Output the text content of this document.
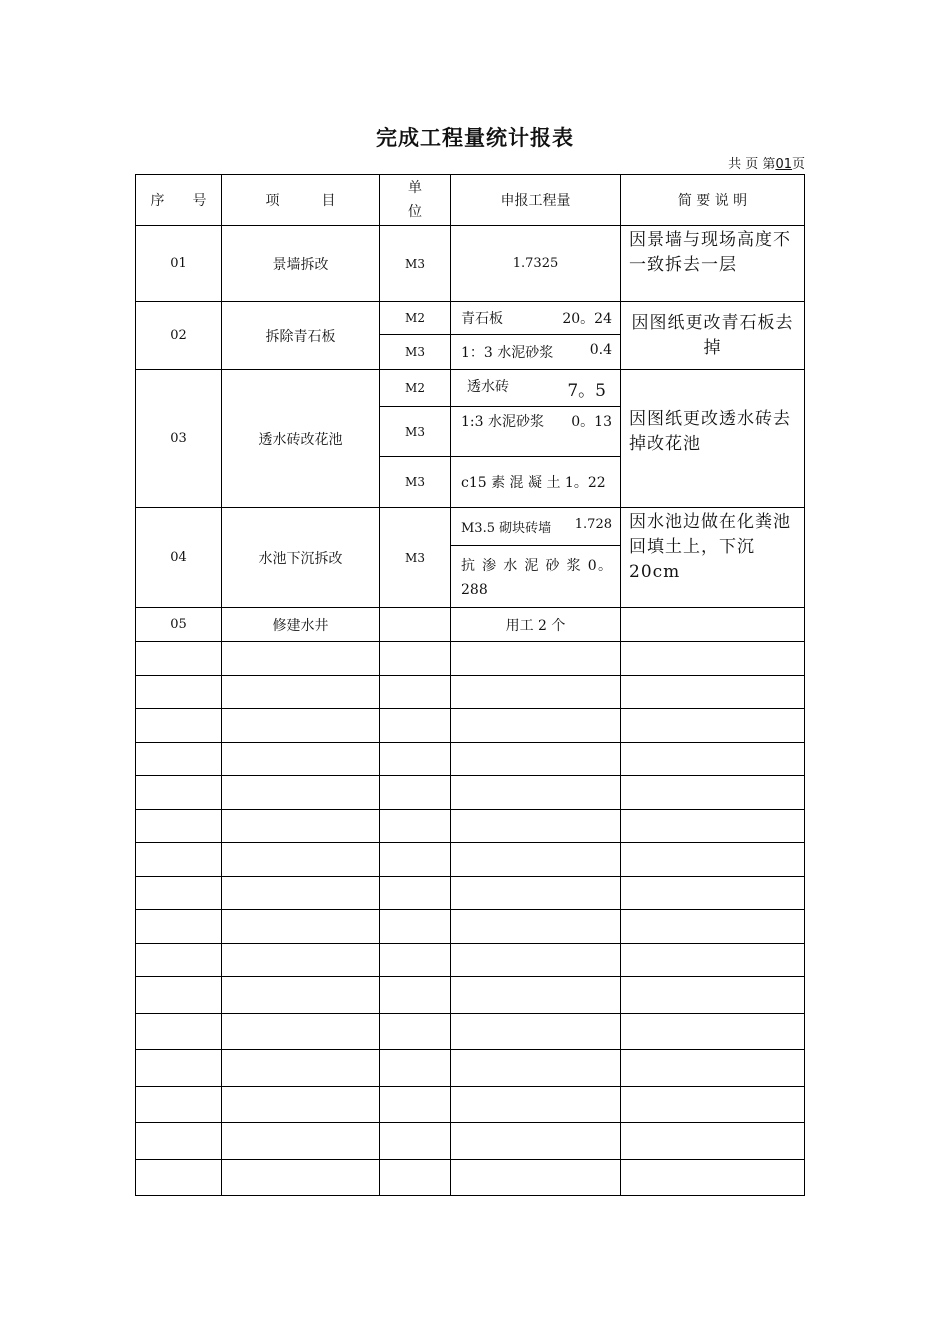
完成工程量统计报表
共 页 第01页
序　　号	项　　　目	单位	申报工程量	简 要 说 明
01	景墙拆改	M3	1.7325	因景墙与现场高度不一致拆去一层
02	拆除青石板	M2	青石板 20。24	因图纸更改青石板去掉
		M3	1：3 水泥砂浆 0.4	

03	透水砖改花池	M2	透水砖 7。5	因图纸更改透水砖去掉改花池
		M3	1:3 水泥砂浆 0。13	

		M3	c15 素 混 凝 土 1。22	
04	水池下沉拆改	M3	M3.5 砌块砖墙 1.728	因水池边做在化粪池回填土上，下沉 20cm
			抗 渗 水 泥 砂 浆 0。288	
05	修建水井		用工 2 个	
